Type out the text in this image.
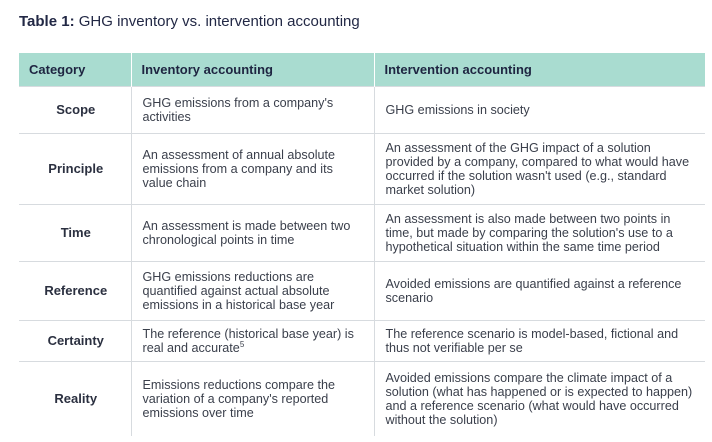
Table 1: GHG inventory vs. intervention accounting
Category	Inventory accounting	Intervention accounting
Scope	GHG emissions from a company's activities	GHG emissions in society
Principle	An assessment of annual absolute emissions from a company and its value chain	An assessment of the GHG impact of a solution provided by a company, compared to what would have occurred if the solution wasn't used (e.g., standard market solution)
Time	An assessment is made between two chronological points in time	An assessment is also made between two points in time, but made by comparing the solution's use to a hypothetical situation within the same time period
Reference	GHG emissions reductions are quantified against actual absolute emissions in a historical base year	Avoided emissions are quantified against a reference scenario
Certainty	The reference (historical base year) is real and accurate$^5$	The reference scenario is model-based, fictional and thus not verifiable per se
Reality	Emissions reductions compare the variation of a company's reported emissions over time	Avoided emissions compare the climate impact of a solution (what has happened or is expected to happen) and a reference scenario (what would have occurred without the solution)
